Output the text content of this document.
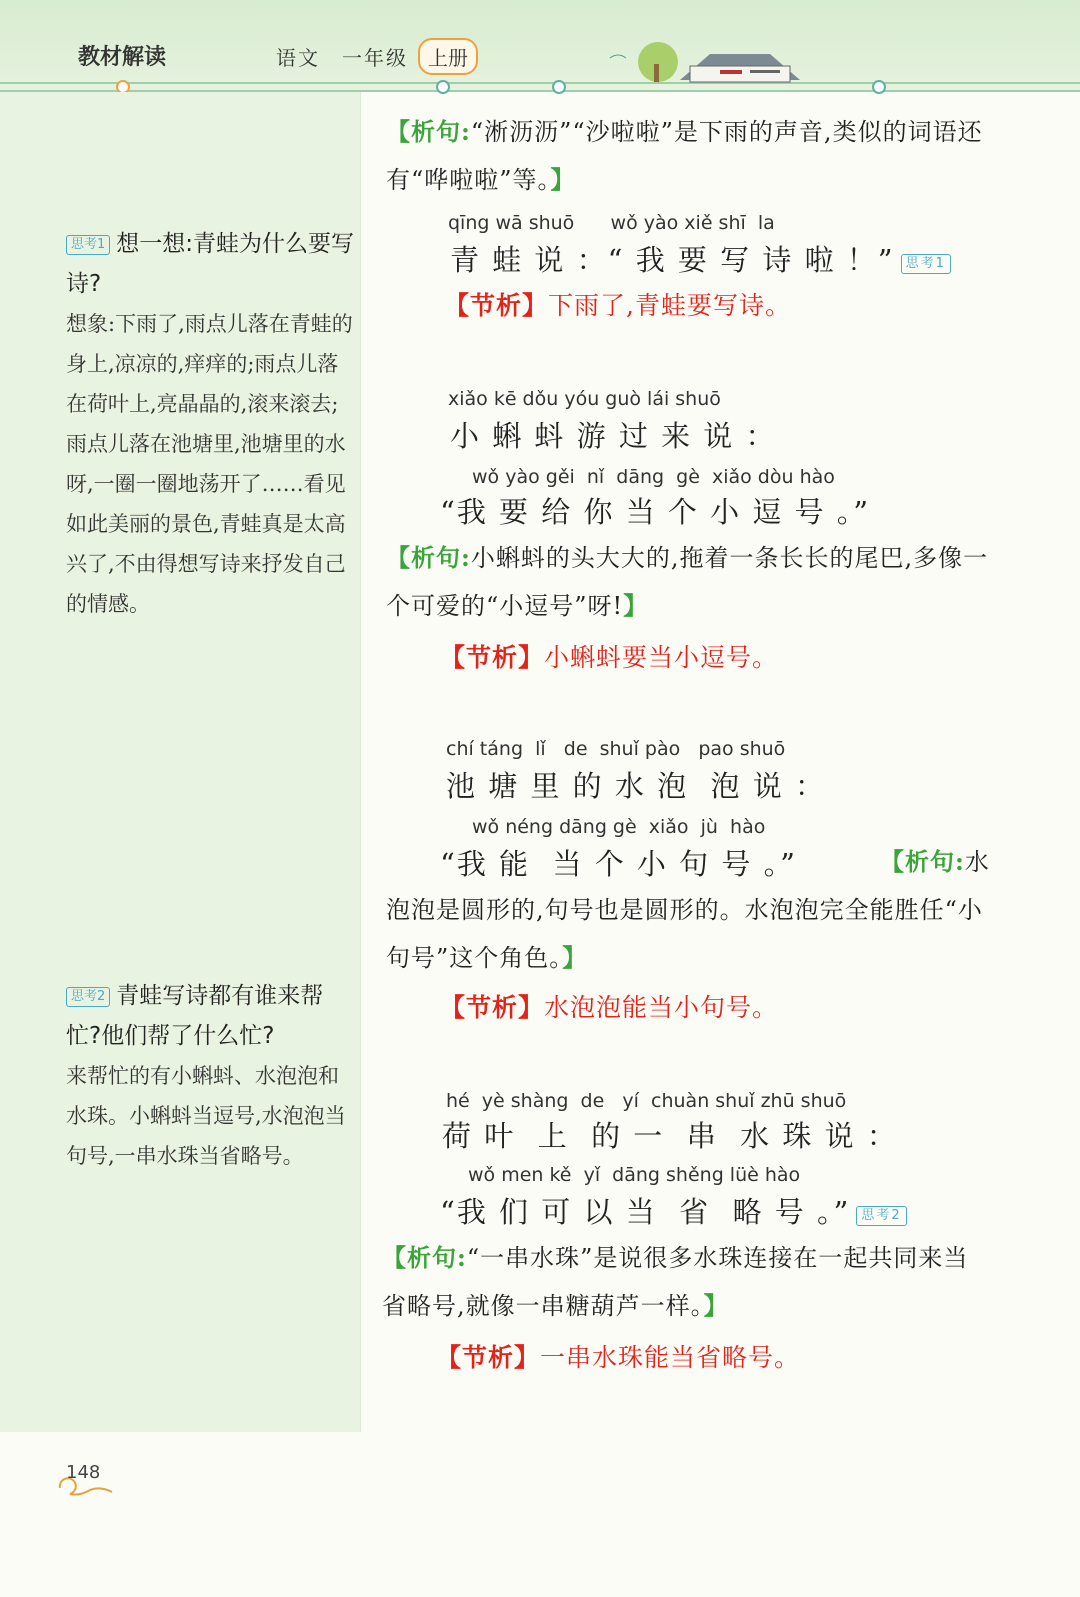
教材解读	语文　一年级	上册
思考1 想一想:青蛙为什么要写诗?
想象:下雨了,雨点儿落在青蛙的身上,凉凉的,痒痒的;雨点儿落在荷叶上,亮晶晶的,滚来滚去;雨点儿落在池塘里,池塘里的水呀,一圈一圈地荡开了……看见如此美丽的景色,青蛙真是太高兴了,不由得想写诗来抒发自己的情感。
思考2 青蛙写诗都有谁来帮忙?他们帮了什么忙?
来帮忙的有小蝌蚪、水泡泡和水珠。小蝌蚪当逗号,水泡泡当句号,一串水珠当省略号。
【析句:“淅沥沥”“沙啦啦”是下雨的声音,类似的词语还有“哗啦啦”等。】
qīng wā shuō      wǒ yào xiě shī  la
青 蛙 说 ：“ 我 要 写 诗 啦 ！” 思考1
【节析】下雨了,青蛙要写诗。
xiǎo kē dǒu yóu guò lái shuō
小 蝌 蚪 游 过 来 说 ：
wǒ yào gěi  nǐ  dāng  gè  xiǎo dòu hào
“我 要 给 你 当 个 小 逗 号 。”
【析句:小蝌蚪的头大大的,拖着一条长长的尾巴,多像一个可爱的“小逗号”呀!】
【节析】小蝌蚪要当小逗号。
chí táng  lǐ   de  shuǐ pào   pao shuō
池 塘 里 的 水 泡  泡 说 ：
wǒ néng dāng gè  xiǎo  jù  hào
“我 能  当 个 小 句 号 。”	【析句:水泡泡是圆形的,句号也是圆形的。水泡泡完全能胜任“小句号”这个角色。】
【节析】水泡泡能当小句号。
hé  yè shàng  de   yí  chuàn shuǐ zhū shuō
荷 叶  上  的 一  串  水 珠 说 ：
wǒ men kě  yǐ  dāng shěng lüè hào
“我 们 可 以 当  省  略 号 。” 思考2
【析句:“一串水珠”是说很多水珠连接在一起共同来当省略号,就像一串糖葫芦一样。】
【节析】一串水珠能当省略号。
148
